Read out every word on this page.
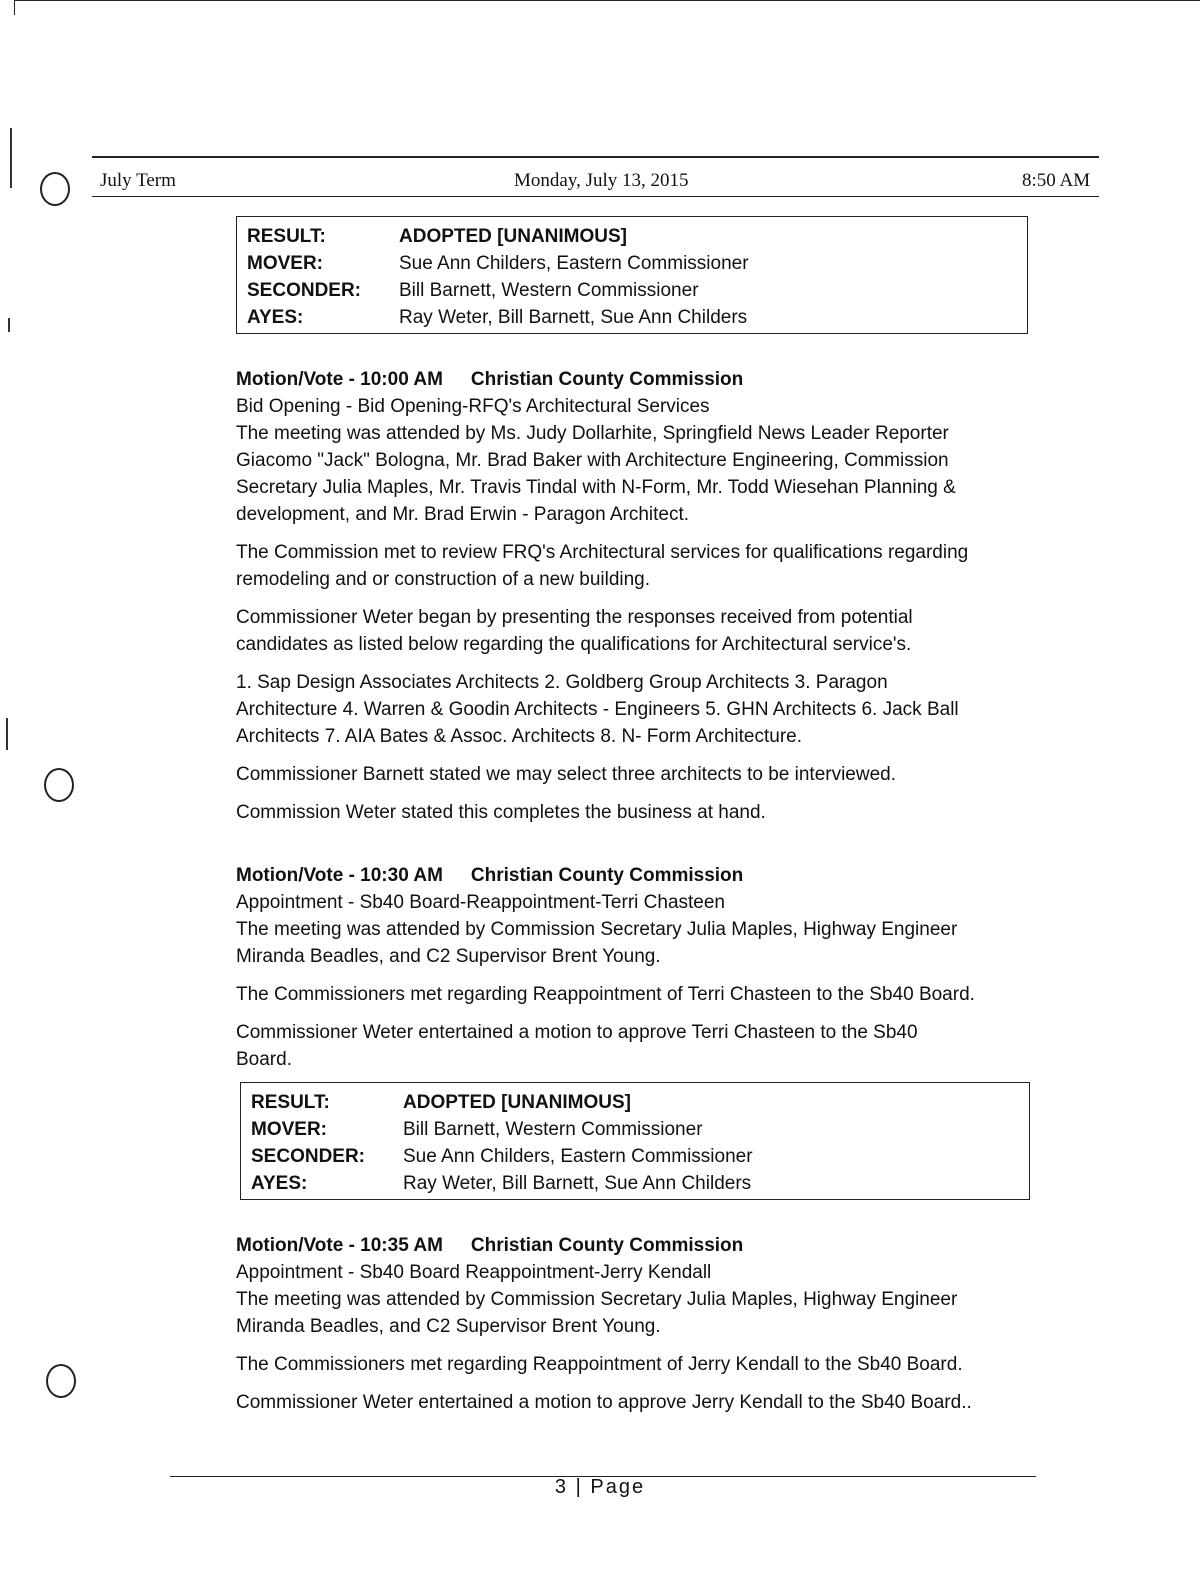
July Term	Monday, July 13, 2015	8:50 AM
RESULT:	ADOPTED [UNANIMOUS]
MOVER:	Sue Ann Childers, Eastern Commissioner
SECONDER: Bill Barnett, Western Commissioner
AYES:	Ray Weter, Bill Barnett, Sue Ann Childers

Motion/Vote - 10:00 AM Christian County Commission

Bid Opening - Bid Opening-RFQ's Architectural Services

The meeting was attended by Ms. Judy Dollarhite, Springfield News Leader Reporter

Giacomo "Jack" Bologna, Mr. Brad Baker with Architecture Engineering, Commission

Secretary Julia Maples, Mr. Travis Tindal with N-Form, Mr. Todd Wiesehan Planning &

development, and Mr. Brad Erwin - Paragon Architect.

The Commission met to review FRQ's Architectural services for qualifications regarding

remodeling and or construction of a new building.

Commissioner Weter began by presenting the responses received from potential

candidates as listed below regarding the qualifications for Architectural service's.

1. Sap Design Associates Architects 2. Goldberg Group Architects 3. Paragon

Architecture 4. Warren & Goodin Architects - Engineers 5. GHN Architects 6. Jack Ball

Architects 7. AIA Bates & Assoc. Architects 8. N- Form Architecture.

Commissioner Barnett stated we may select three architects to be interviewed.

Commission Weter stated this completes the business at hand.

Motion/Vote - 10:30 AM Christian County Commission

Appointment - Sb40 Board-Reappointment-Terri Chasteen

The meeting was attended by Commission Secretary Julia Maples, Highway Engineer

Miranda Beadles, and C2 Supervisor Brent Young.

The Commissioners met regarding Reappointment of Terri Chasteen to the Sb40 Board.

Commissioner Weter entertained a motion to approve Terri Chasteen to the Sb40

Board.

RESULT:	ADOPTED [UNANIMOUS]
MOVER:	Bill Barnett, Western Commissioner
SECONDER: Sue Ann Childers, Eastern Commissioner
AYES:	Ray Weter, Bill Barnett, Sue Ann Childers

Motion/Vote - 10:35 AM Christian County Commission

Appointment - Sb40 Board Reappointment-Jerry Kendall

The meeting was attended by Commission Secretary Julia Maples, Highway Engineer

Miranda Beadles, and C2 Supervisor Brent Young.

The Commissioners met regarding Reappointment of Jerry Kendall to the Sb40 Board.

Commissioner Weter entertained a motion to approve Jerry Kendall to the Sb40 Board..

3 | Page
